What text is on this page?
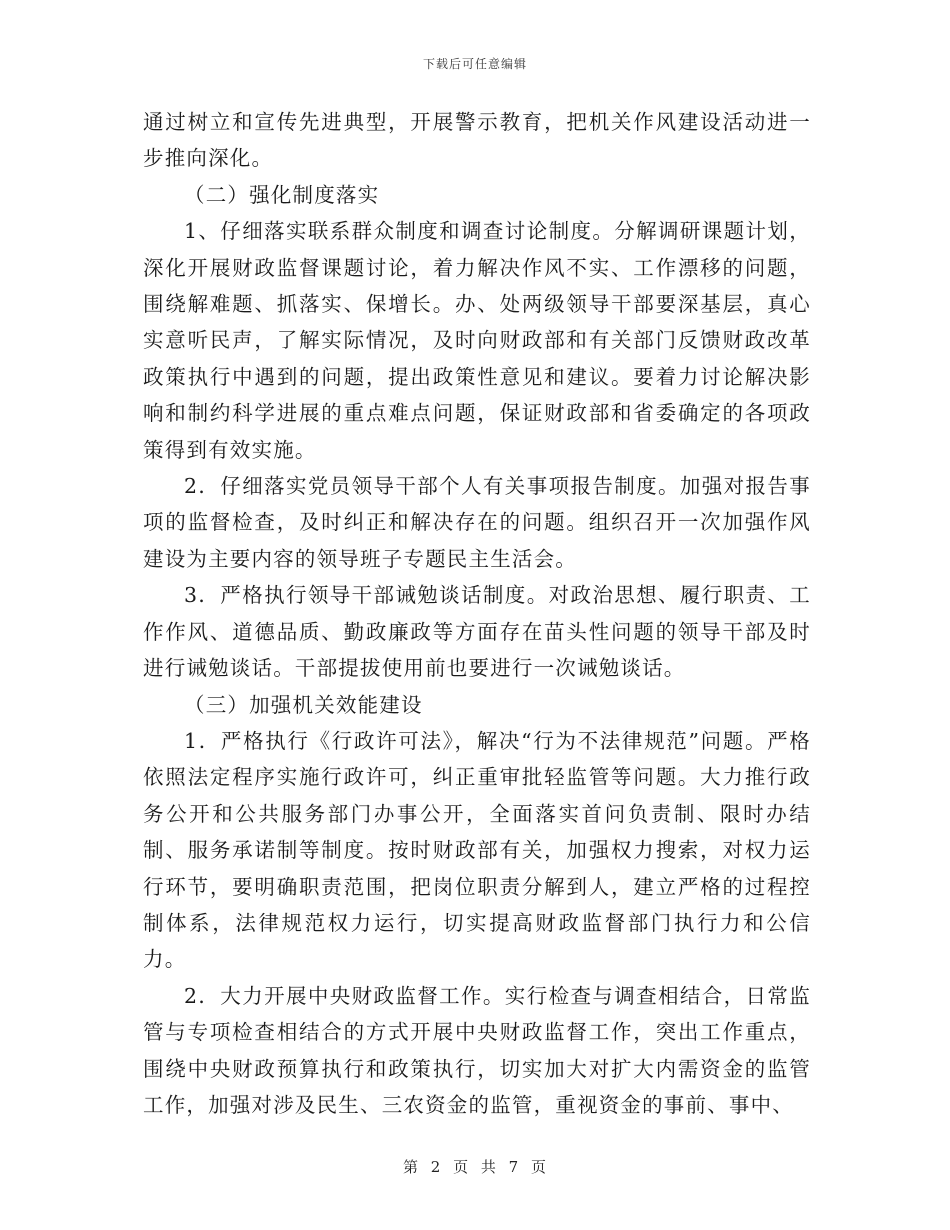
下载后可任意编辑

通过树立和宣传先进典型，开展警示教育，把机关作风建设活动进一步推向深化。

（二）强化制度落实

1、仔细落实联系群众制度和调查讨论制度。分解调研课题计划，深化开展财政监督课题讨论，着力解决作风不实、工作漂移的问题，围绕解难题、抓落实、保增长。办、处两级领导干部要深基层，真心实意听民声，了解实际情况，及时向财政部和有关部门反馈财政改革政策执行中遇到的问题，提出政策性意见和建议。要着力讨论解决影响和制约科学进展的重点难点问题，保证财政部和省委确定的各项政策得到有效实施。

2．仔细落实党员领导干部个人有关事项报告制度。加强对报告事项的监督检查，及时纠正和解决存在的问题。组织召开一次加强作风建设为主要内容的领导班子专题民主生活会。

3．严格执行领导干部诫勉谈话制度。对政治思想、履行职责、工作作风、道德品质、勤政廉政等方面存在苗头性问题的领导干部及时进行诫勉谈话。干部提拔使用前也要进行一次诫勉谈话。

（三）加强机关效能建设

1．严格执行《行政许可法》，解决“行为不法律规范”问题。严格依照法定程序实施行政许可，纠正重审批轻监管等问题。大力推行政务公开和公共服务部门办事公开，全面落实首问负责制、限时办结制、服务承诺制等制度。按时财政部有关，加强权力搜索，对权力运行环节，要明确职责范围，把岗位职责分解到人，建立严格的过程控制体系，法律规范权力运行，切实提高财政监督部门执行力和公信力。

2．大力开展中央财政监督工作。实行检查与调查相结合，日常监管与专项检查相结合的方式开展中央财政监督工作，突出工作重点，围绕中央财政预算执行和政策执行，切实加大对扩大内需资金的监管工作，加强对涉及民生、三农资金的监管，重视资金的事前、事中、

第 2 页 共 7 页
